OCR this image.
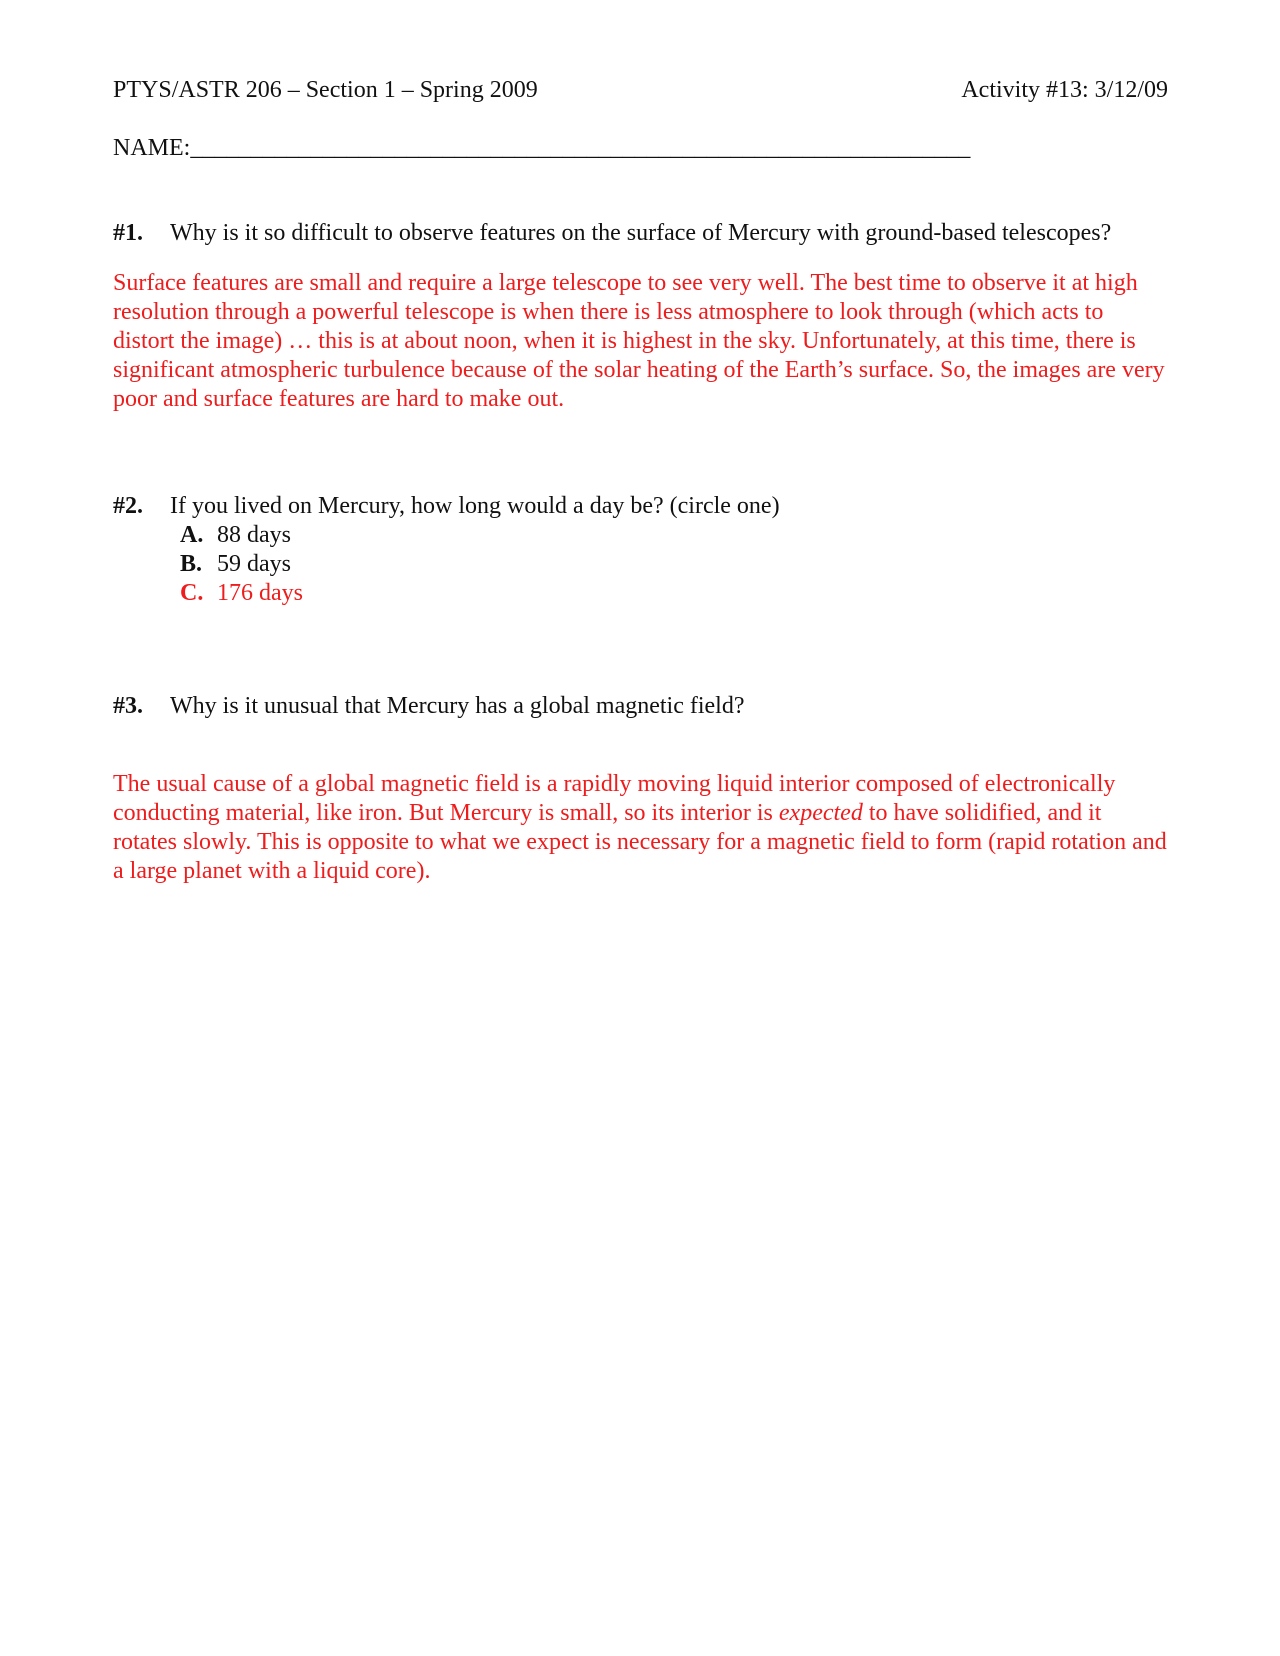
PTYS/ASTR 206 – Section 1 – Spring 2009	Activity #13: 3/12/09
NAME:_________________________________________________________________
#1. Why is it so difficult to observe features on the surface of Mercury with ground-based telescopes?
Surface features are small and require a large telescope to see very well. The best time to observe it at high resolution through a powerful telescope is when there is less atmosphere to look through (which acts to distort the image) … this is at about noon, when it is highest in the sky. Unfortunately, at this time, there is significant atmospheric turbulence because of the solar heating of the Earth’s surface. So, the images are very poor and surface features are hard to make out.
#2. If you lived on Mercury, how long would a day be? (circle one)
A. 88 days
B. 59 days
C. 176 days
#3. Why is it unusual that Mercury has a global magnetic field?
The usual cause of a global magnetic field is a rapidly moving liquid interior composed of electronically conducting material, like iron. But Mercury is small, so its interior is expected to have solidified, and it rotates slowly. This is opposite to what we expect is necessary for a magnetic field to form (rapid rotation and a large planet with a liquid core).
